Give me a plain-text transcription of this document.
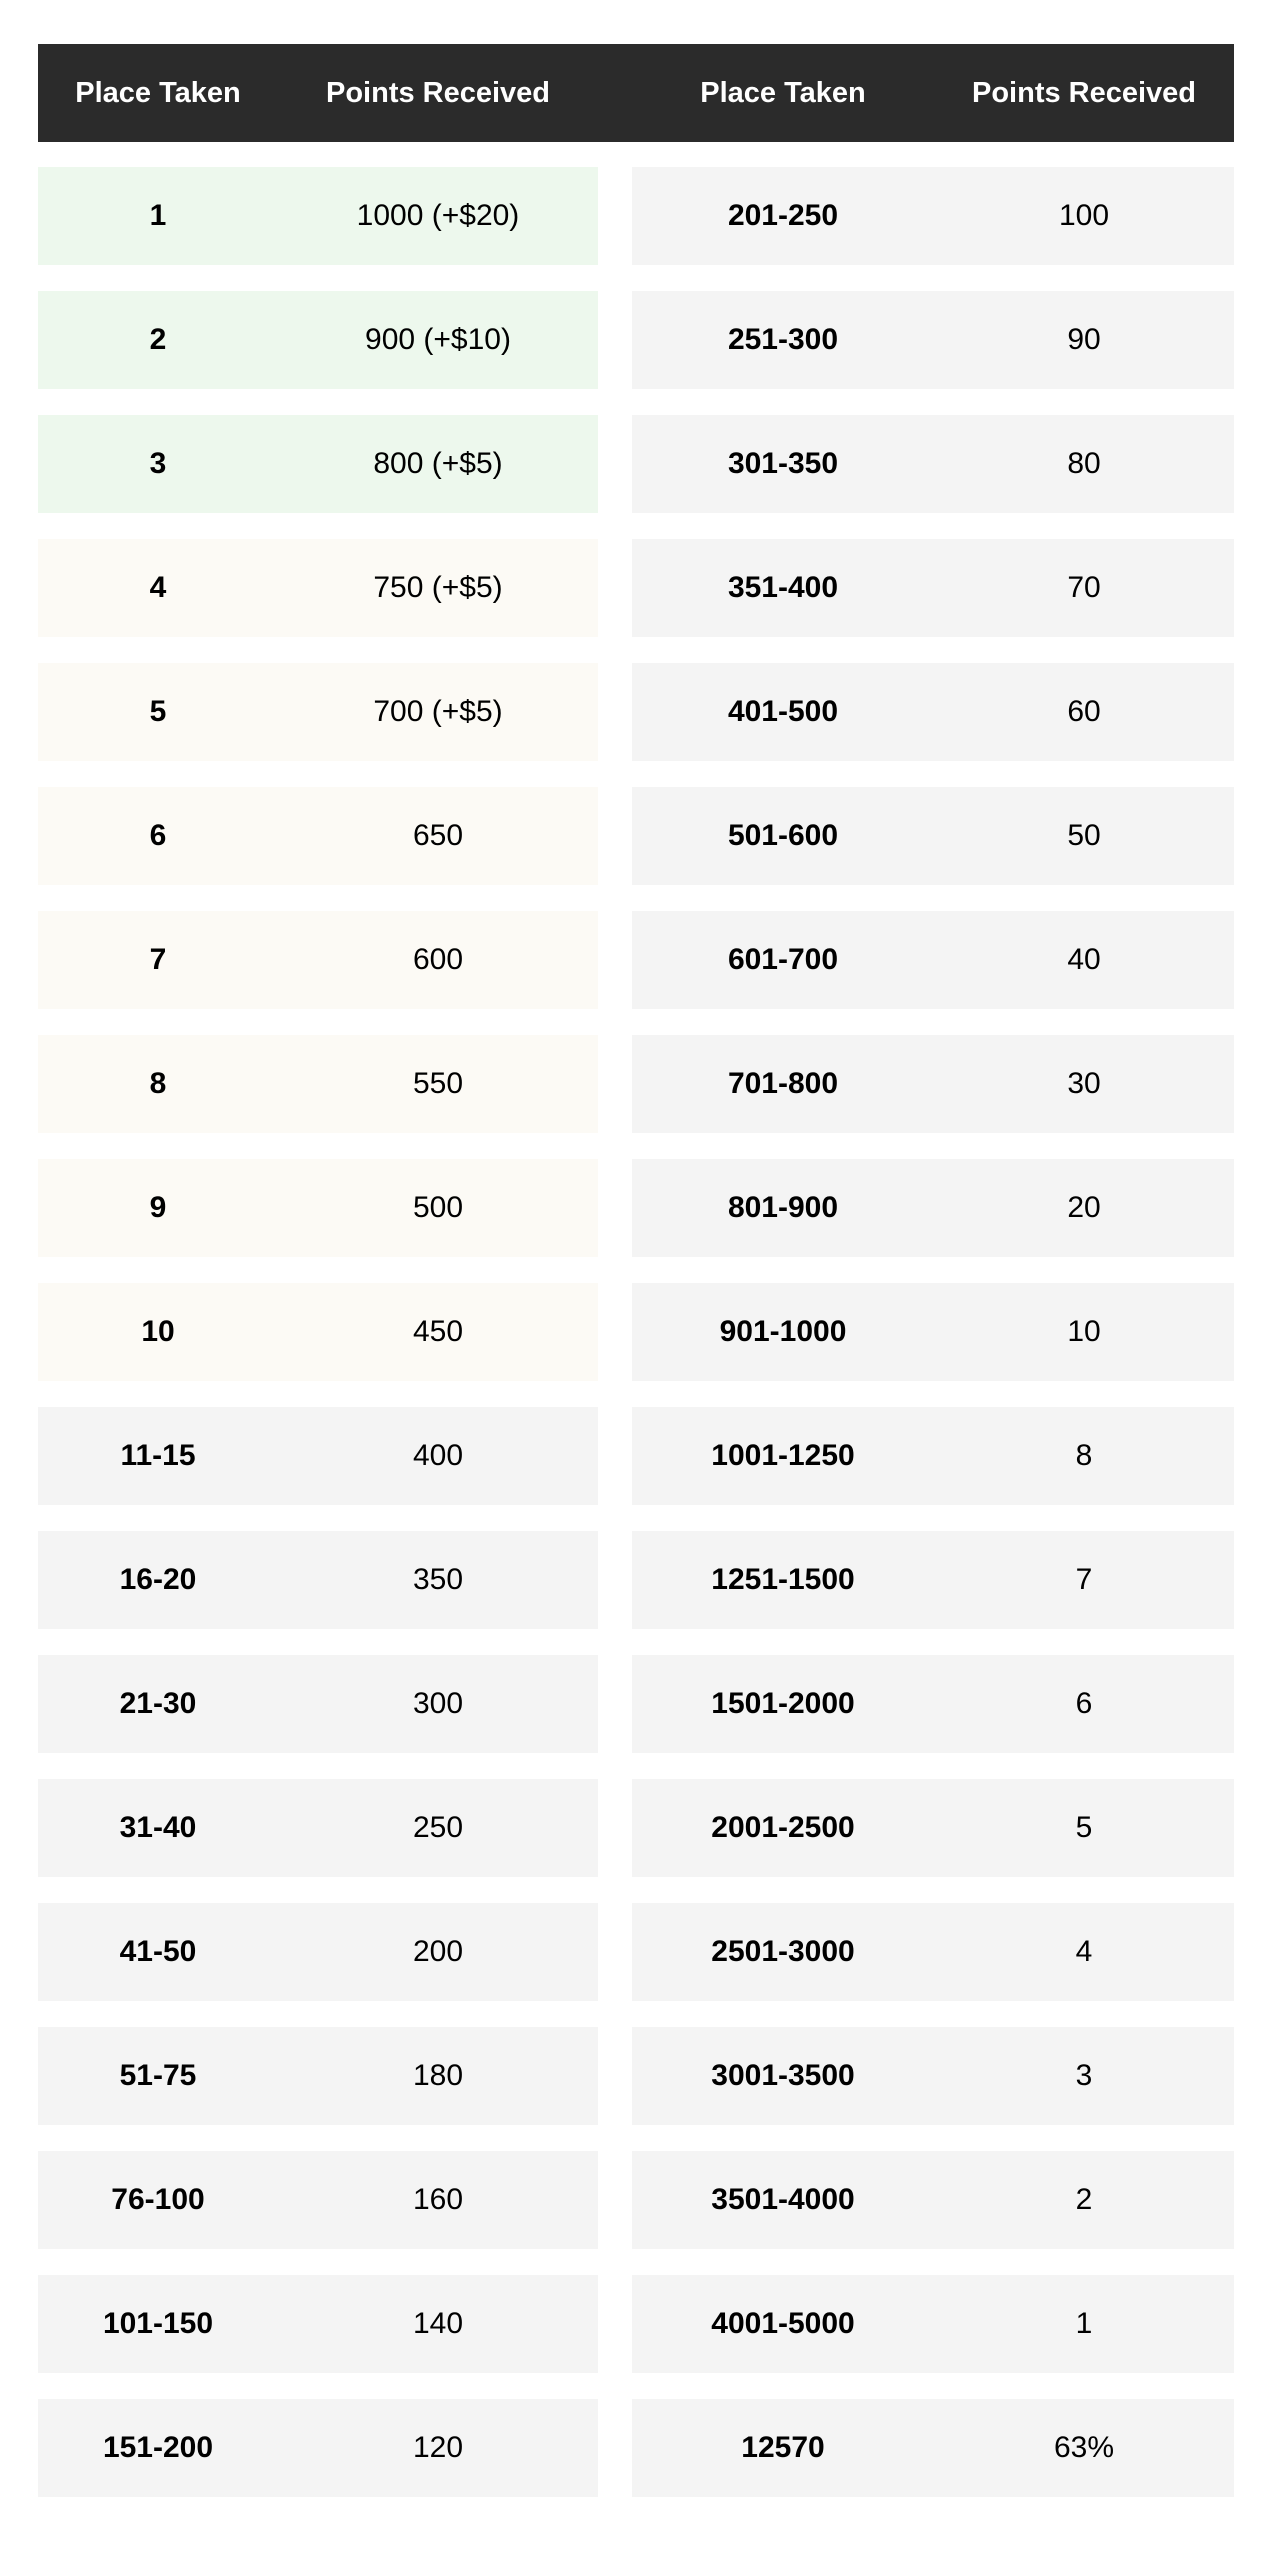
Place Taken	Points Received	Place Taken	Points Received
1	1000 (+$20)
2	900 (+$10)
3	800 (+$5)
4	750 (+$5)
5	700 (+$5)
6	650
7	600
8	550
9	500
10	450
11-15	400
16-20	350
21-30	300
31-40	250
41-50	200
51-75	180
76-100	160
101-150	140
151-200	120
201-250	100
251-300	90
301-350	80
351-400	70
401-500	60
501-600	50
601-700	40
701-800	30
801-900	20
901-1000	10
1001-1250	8
1251-1500	7
1501-2000	6
2001-2500	5
2501-3000	4
3001-3500	3
3501-4000	2
4001-5000	1
12570	63%
